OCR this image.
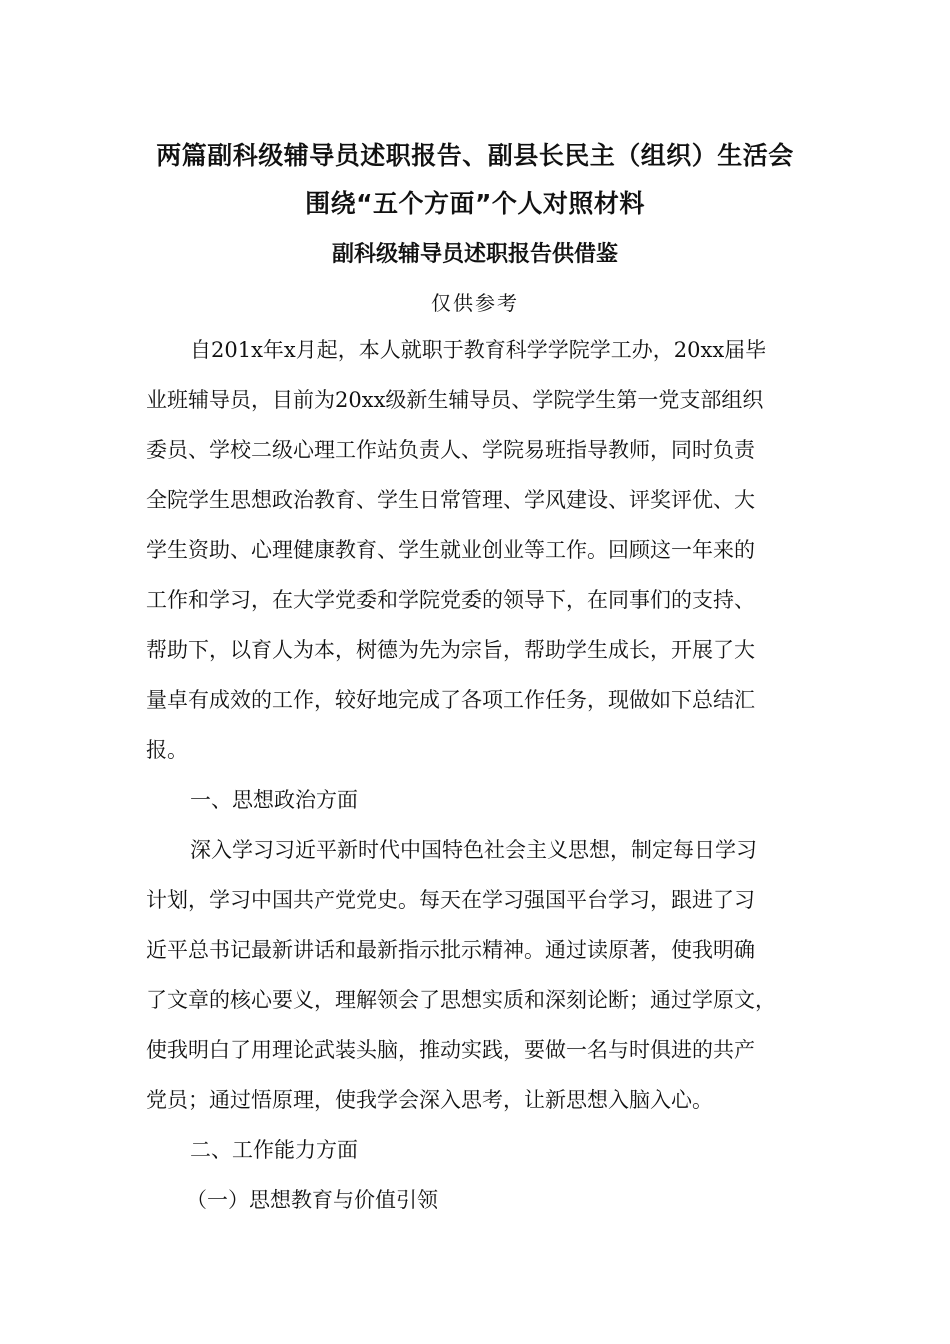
两篇副科级辅导员述职报告、副县长民主（组织）生活会
围绕“五个方面”个人对照材料
副科级辅导员述职报告供借鉴
仅供参考
自201x年x月起，本人就职于教育科学学院学工办，20xx届毕
业班辅导员，目前为20xx级新生辅导员、学院学生第一党支部组织
委员、学校二级心理工作站负责人、学院易班指导教师，同时负责
全院学生思想政治教育、学生日常管理、学风建设、评奖评优、大
学生资助、心理健康教育、学生就业创业等工作。回顾这一年来的
工作和学习，在大学党委和学院党委的领导下，在同事们的支持、
帮助下，以育人为本，树德为先为宗旨，帮助学生成长，开展了大
量卓有成效的工作，较好地完成了各项工作任务，现做如下总结汇
报。
一、思想政治方面
深入学习习近平新时代中国特色社会主义思想，制定每日学习
计划，学习中国共产党党史。每天在学习强国平台学习，跟进了习
近平总书记最新讲话和最新指示批示精神。通过读原著，使我明确
了文章的核心要义，理解领会了思想实质和深刻论断；通过学原文，
使我明白了用理论武装头脑，推动实践，要做一名与时俱进的共产
党员；通过悟原理，使我学会深入思考，让新思想入脑入心。
二、工作能力方面
（一）思想教育与价值引领
